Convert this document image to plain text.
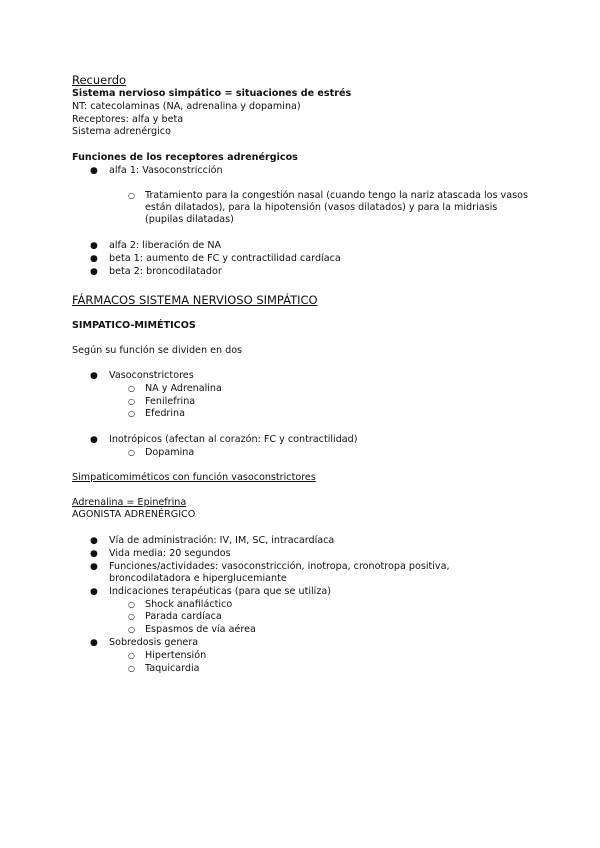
Recuerdo
Sistema nervioso simpático = situaciones de estrés
NT: catecolaminas (NA, adrenalina y dopamina)
Receptores: alfa y beta
Sistema adrenérgico
Funciones de los receptores adrenérgicos
● alfa 1: Vasoconstricción
○ Tratamiento para la congestión nasal (cuando tengo la nariz atascada los vasos están dilatados), para la hipotensión (vasos dilatados) y para la midriasis (pupilas dilatadas)
● alfa 2: liberación de NA
● beta 1: aumento de FC y contractilidad cardíaca
● beta 2: broncodilatador
FÁRMACOS SISTEMA NERVIOSO SIMPÁTICO
SIMPATICO-MIMÉTICOS
Según su función se dividen en dos
● Vasoconstrictores
○ NA y Adrenalina
○ Fenilefrina
○ Efedrina
● Inotrópicos (afectan al corazón: FC y contractilidad)
○ Dopamina
Simpaticomiméticos con función vasoconstrictores
Adrenalina = Epinefrina
AGONISTA ADRENÉRGICO
● Vía de administración: IV, IM, SC, intracardíaca
● Vida media: 20 segundos
● Funciones/actividades: vasoconstricción, inotropa, cronotropa positiva, broncodilatadora e hiperglucemiante
● Indicaciones terapéuticas (para que se utiliza)
○ Shock anafiláctico
○ Parada cardíaca
○ Espasmos de vía aérea
● Sobredosis genera
○ Hipertensión
○ Taquicardia
